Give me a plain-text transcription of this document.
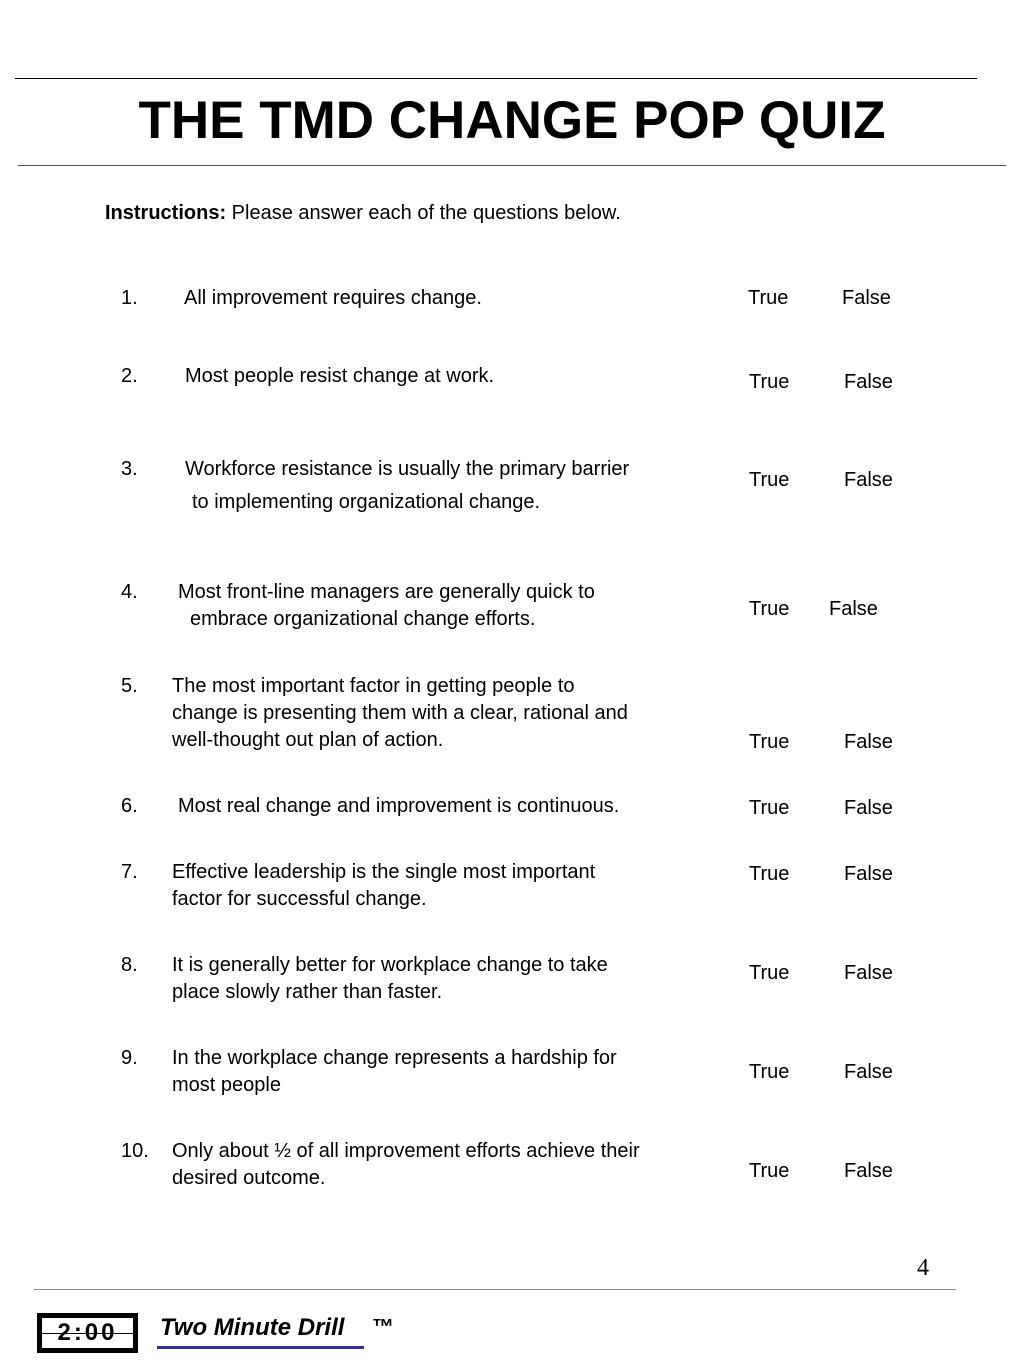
THE TMD CHANGE POP QUIZ
Instructions: Please answer each of the questions below.
1. All improvement requires change.	True	False
2. Most people resist change at work.	True	False
3. Workforce resistance is usually the primary barrier
to implementing organizational change.
True	False
4. Most front-line managers are generally quick to
embrace organizational change efforts.	True False
5. The most important factor in getting people to
change is presenting them with a clear, rational and
well-thought out plan of action.	True	False
6. Most real change and improvement is continuous.	True	False
7. Effective leadership is the single most important
factor for successful change.
True	False
8. It is generally better for workplace change to take
place slowly rather than faster.
True	False
9. In the workplace change represents a hardship for
most people
True	False
10. Only about ½ of all improvement efforts achieve their
desired outcome.	True	False
4
2:00	Two Minute Drill ™
